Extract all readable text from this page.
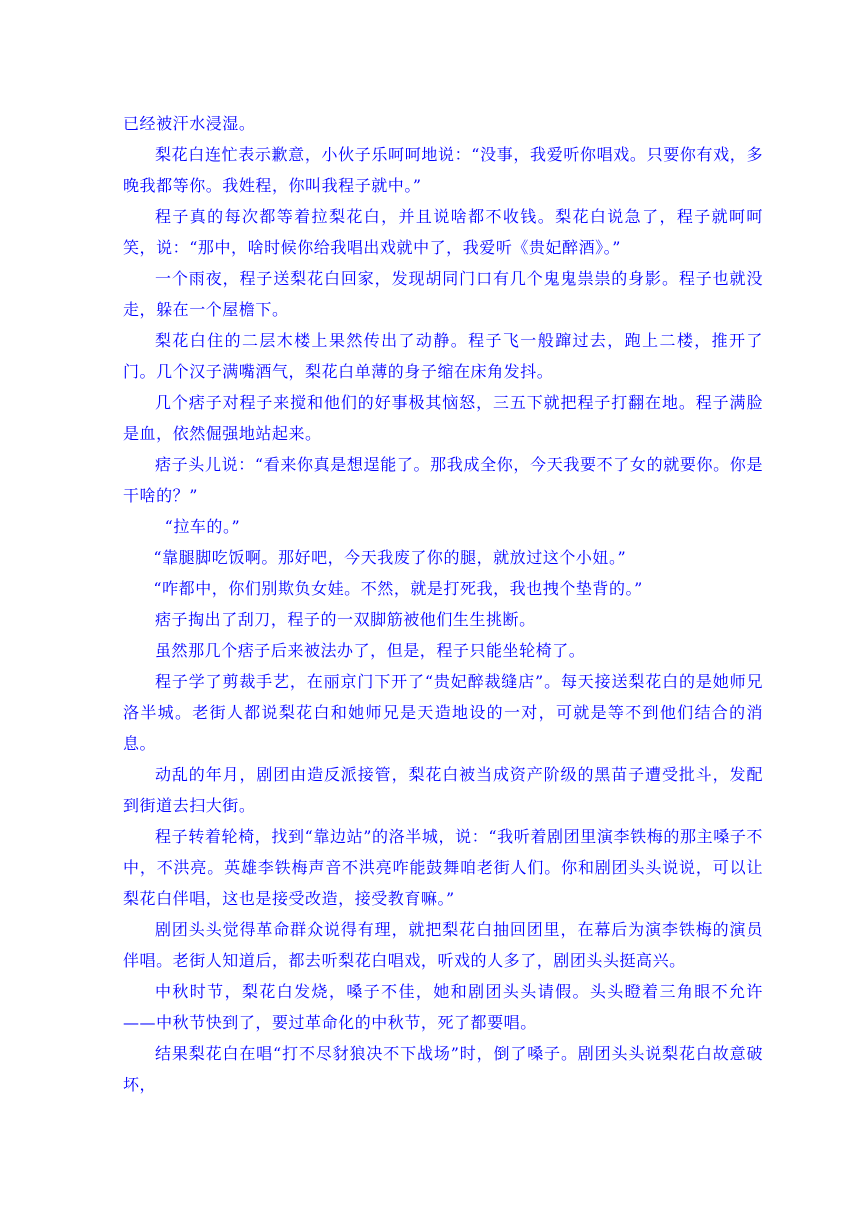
已经被汗水浸湿。

梨花白连忙表示歉意，小伙子乐呵呵地说：“没事，我爱听你唱戏。只要你有戏，多晚我都等你。我姓程，你叫我程子就中。”

程子真的每次都等着拉梨花白，并且说啥都不收钱。梨花白说急了，程子就呵呵笑，说：“那中，啥时候你给我唱出戏就中了，我爱听《贵妃醉酒》。”

一个雨夜，程子送梨花白回家，发现胡同门口有几个鬼鬼祟祟的身影。程子也就没走，躲在一个屋檐下。

梨花白住的二层木楼上果然传出了动静。程子飞一般蹿过去，跑上二楼，推开了门。几个汉子满嘴酒气，梨花白单薄的身子缩在床角发抖。

几个痞子对程子来搅和他们的好事极其恼怒，三五下就把程子打翻在地。程子满脸是血，依然倔强地站起来。

痞子头儿说：“看来你真是想逞能了。那我成全你，今天我要不了女的就要你。你是干啥的？”

“拉车的。”

“靠腿脚吃饭啊。那好吧，今天我废了你的腿，就放过这个小妞。”

“咋都中，你们别欺负女娃。不然，就是打死我，我也拽个垫背的。”

痞子掏出了刮刀，程子的一双脚筋被他们生生挑断。

虽然那几个痞子后来被法办了，但是，程子只能坐轮椅了。

程子学了剪裁手艺，在丽京门下开了“贵妃醉裁缝店”。每天接送梨花白的是她师兄洛半城。老街人都说梨花白和她师兄是天造地设的一对，可就是等不到他们结合的消息。

动乱的年月，剧团由造反派接管，梨花白被当成资产阶级的黑苗子遭受批斗，发配到街道去扫大街。

程子转着轮椅，找到“靠边站”的洛半城，说：“我听着剧团里演李铁梅的那主嗓子不中，不洪亮。英雄李铁梅声音不洪亮咋能鼓舞咱老街人们。你和剧团头头说说，可以让梨花白伴唱，这也是接受改造，接受教育嘛。”

剧团头头觉得革命群众说得有理，就把梨花白抽回团里，在幕后为演李铁梅的演员伴唱。老街人知道后，都去听梨花白唱戏，听戏的人多了，剧团头头挺高兴。

中秋时节，梨花白发烧，嗓子不佳，她和剧团头头请假。头头瞪着三角眼不允许——中秋节快到了，要过革命化的中秋节，死了都要唱。

结果梨花白在唱“打不尽豺狼决不下战场”时，倒了嗓子。剧团头头说梨花白故意破坏，
